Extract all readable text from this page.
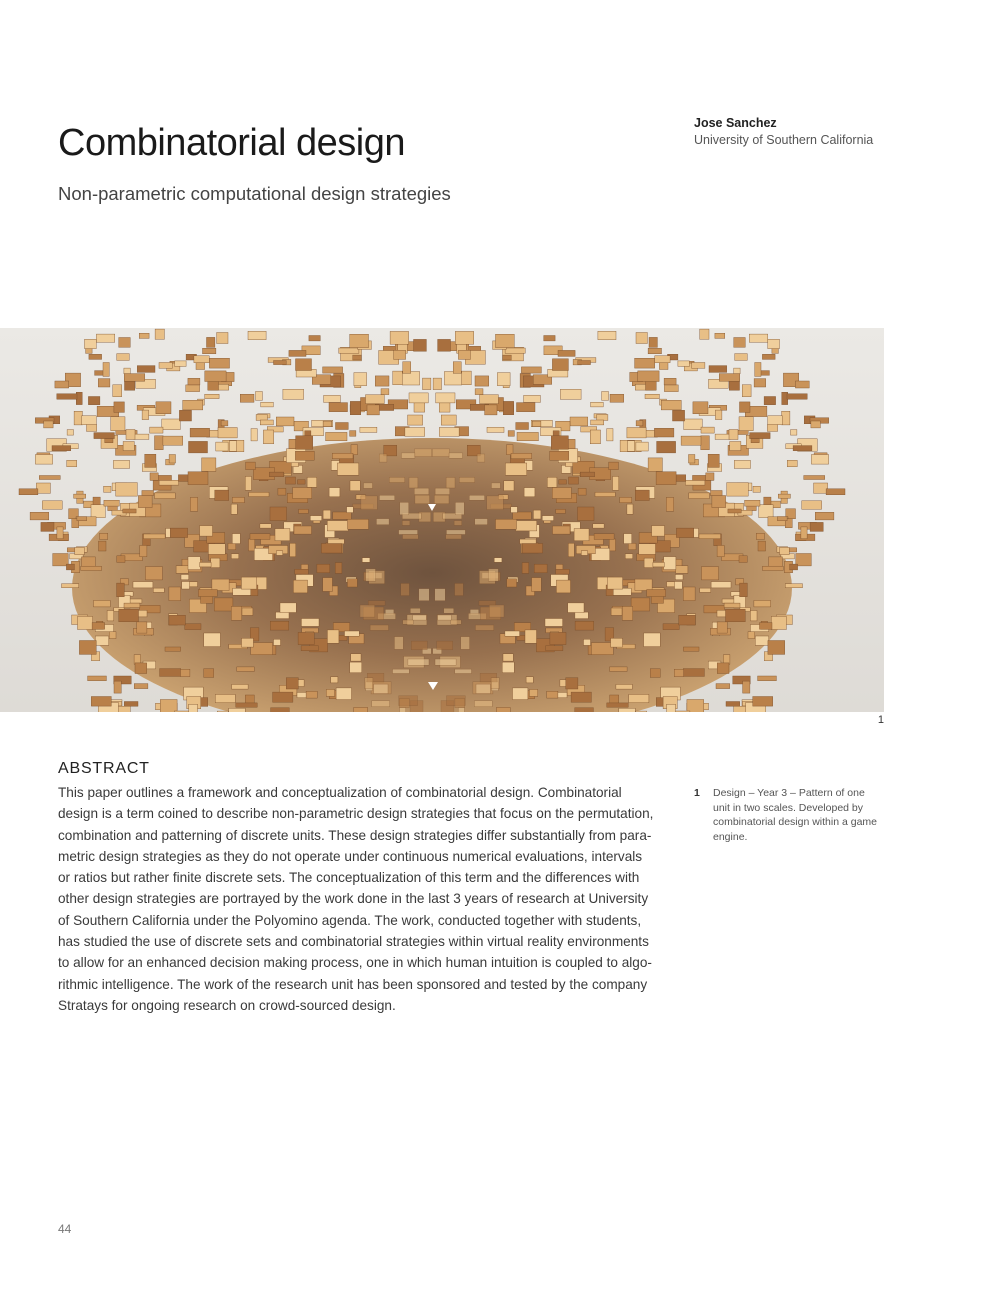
Combinatorial design
Non-parametric computational design strategies
Jose Sanchez
University of Southern California
1
ABSTRACT

This paper outlines a framework and conceptualization of combinatorial design. Combinatorial
design is a term coined to describe non-parametric design strategies that focus on the permutation,
combination and patterning of discrete units. These design strategies differ substantially from para-
metric design strategies as they do not operate under continuous numerical evaluations, intervals
or ratios but rather finite discrete sets. The conceptualization of this term and the differences with
other design strategies are portrayed by the work done in the last 3 years of research at University
of Southern California under the Polyomino agenda. The work, conducted together with students,
has studied the use of discrete sets and combinatorial strategies within virtual reality environments
to allow for an enhanced decision making process, one in which human intuition is coupled to algo-
rithmic intelligence. The work of the research unit has been sponsored and tested by the company
Stratays for ongoing research on crowd-sourced design.

1 Design – Year 3 – Pattern of one
unit in two scales. Developed by
combinatorial design within a game
engine.
44
